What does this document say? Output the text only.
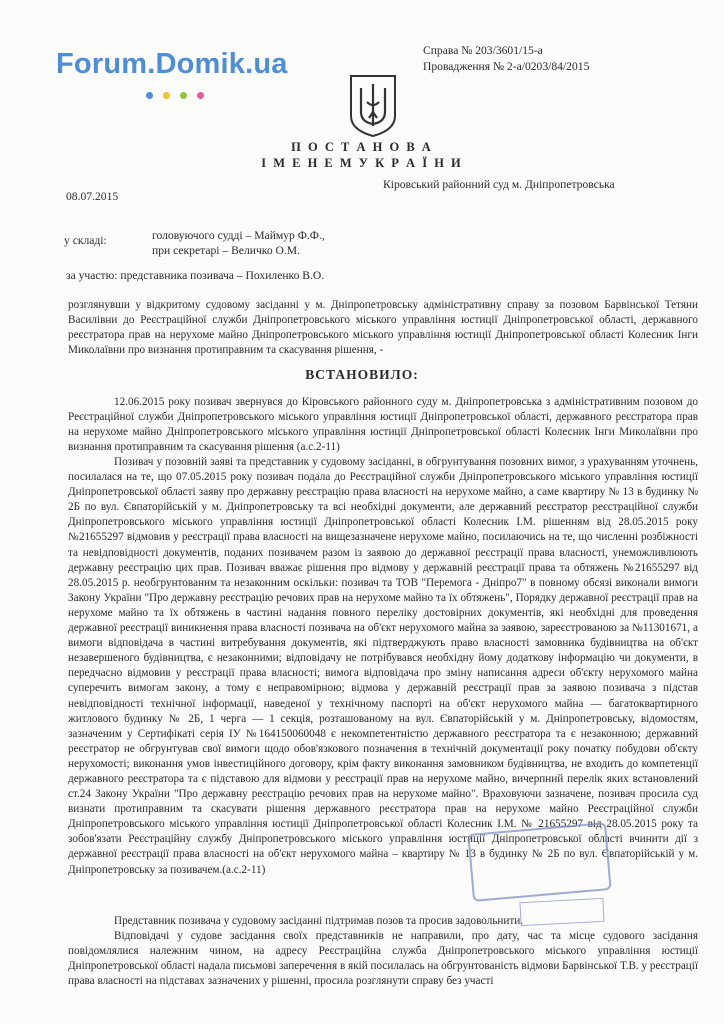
Forum.Domik.ua	Справа № 203/3601/15-а
Провадження № 2-а/0203/84/2015
П О С Т А Н О В А
І М Е Н Е М У К Р А Ї Н И
08.07.2015
Кіровський районний суд м. Дніпропетровська
у складі:	головуючого судді – Маймур Ф.Ф.,
при секретарі – Величко О.М.
за участю: представника позивача – Похиленко В.О.
розглянувши у відкритому судовому засіданні у м. Дніпропетровську адміністративну справу за позовом Барвінської Тетяни Василівни до Реєстраційної служби Дніпропетровського міського управління юстиції Дніпропетровської області, державного реєстратора прав на нерухоме майно Дніпропетровського міського управління юстиції Дніпропетровської області Колесник Інги Миколаївни про визнання протиправним та скасування рішення, -
ВСТАНОВИЛО:
12.06.2015 року позивач звернувся до Кіровського районного суду м. Дніпропетровська з адміністративним позовом до Реєстраційної служби Дніпропетровського міського управління юстиції Дніпропетровської області, державного реєстратора прав на нерухоме майно Дніпропетровського міського управління юстиції Дніпропетровської області Колесник Інги Миколаївни про визнання протиправним та скасування рішення (а.с.2-11)
Позивач у позовній заяві та представник у судовому засіданні, в обгрунтування позовних вимог, з урахуванням уточнень, посилалася на те, що 07.05.2015 року позивач подала до Реєстраційної служби Дніпропетровського міського управління юстиції Дніпропетровської області заяву про державну реєстрацію права власності на нерухоме майно, а саме квартиру № 13 в будинку № 2Б по вул. Євпаторійській у м. Дніпропетровську та всі необхідні документи, але державний реєстратор реєстраційної служби Дніпропетровського міського управління юстиції Дніпропетровської області Колесник І.М. рішенням від 28.05.2015 року №21655297 відмовив у реєстрації права власності на вищезазначене нерухоме майно, посилаючись на те, що численні розбіжності та невідповідності документів, поданих позивачем разом із заявою до державної реєстрації права власності, унеможливлюють державну реєстрацію цих прав. Позивач вважає рішення про відмову у державній реєстрації права та обтяжень №21655297 від 28.05.2015 р. необгрунтованим та незаконним оскільки: позивач та ТОВ "Перемога - Дніпро7" в повному обсязі виконали вимоги Закону України "Про державну реєстрацію речових прав на нерухоме майно та їх обтяжень", Порядку державної реєстрації прав на нерухоме майно та їх обтяжень в частині надання повного переліку достовірних документів, які необхідні для проведення державної реєстрації виникнення права власності позивача на об'єкт нерухомого майна за заявою, зареєстрованою за №11301671, а вимоги відповідача в частині витребування документів, які підтверджують право власності замовника будівництва на об'єкт незавершеного будівництва, є незаконними; відповідачу не потрібувався необхідну йому додаткову інформацію чи документи, в передчасно відмовив у реєстрації права власності; вимога відповідача про зміну написання адреси об'єкту нерухомого майна суперечить вимогам закону, а тому є неправомірною; відмова у державній реєстрації прав за заявою позивача з підстав невідповідності технічної інформації, наведеної у технічному паспорті на об'єкт нерухомого майна — багатоквартирного житлового будинку № 2Б, 1 черга — 1 секція, розташованому на вул. Євпаторійській у м. Дніпропетровську, відомостям, зазначеним у Сертифікаті серія ІУ №164150060048 є некомпетентністю державного реєстратора та є незаконною; державний реєстратор не обгрунтував свої вимоги щодо обов'язкового позначення в технічній документації року початку побудови об'єкту нерухомості; виконання умов інвестиційного договору, крім факту виконання замовником будівництва, не входить до компетенції державного реєстратора та є підставою для відмови у реєстрації прав на нерухоме майно, вичерпний перелік яких встановлений ст.24 Закону України "Про державну реєстрацію речових прав на нерухоме майно". Враховуючи зазначене, позивач просила суд визнати протиправним та скасувати рішення державного реєстратора прав на нерухоме майно Реєстраційної служби Дніпропетровського міського управління юстиції Дніпропетровської області Колесник І.М. № 21655297 від 28.05.2015 року та зобов'язати Реєстраційну службу Дніпропетровського міського управління юстиції Дніпропетровської області вчинити дії з державної реєстрації права власності на об'єкт нерухомого майна – квартиру № 13 в будинку № 2Б по вул. Євпаторійській у м. Дніпропетровську за позивачем.(а.с.2-11)
Представник позивача у судовому засіданні підтримав позов та просив задовольнити.
Відповідачі у судове засідання своїх представників не направили, про дату, час та місце судового засідання повідомлялися належним чином, на адресу Реєстраційна служба Дніпропетровського міського управління юстиції Дніпропетровської області надала письмові заперечення в якій посилалась на обгрунтованість відмови Барвінської Т.В. у реєстрації права власності на підставах зазначених у рішенні, просила розглянути справу без участі
